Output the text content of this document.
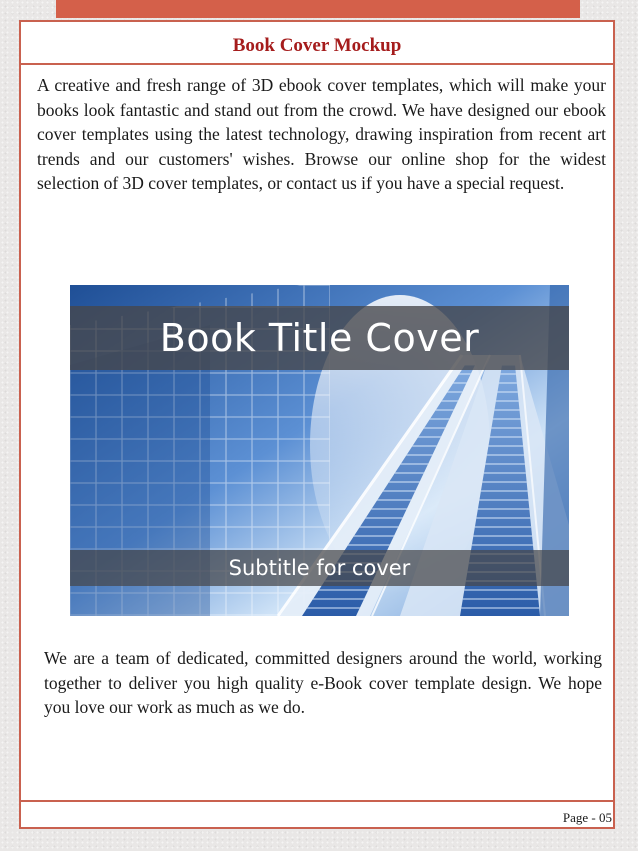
Book Cover Mockup

A creative and fresh range of 3D ebook cover templates, which will make your books look fantastic and stand out from the crowd. We have designed our ebook cover templates using the latest technology, drawing inspiration from recent art trends and our customers' wishes. Browse our online shop for the widest selection of 3D cover templates, or contact us if you have a special request.

Book Title Cover
Subtitle for cover

We are a team of dedicated, committed designers around the world, working together to deliver you high quality e-Book cover template design. We hope you love our work as much as we do.

Page - 05
